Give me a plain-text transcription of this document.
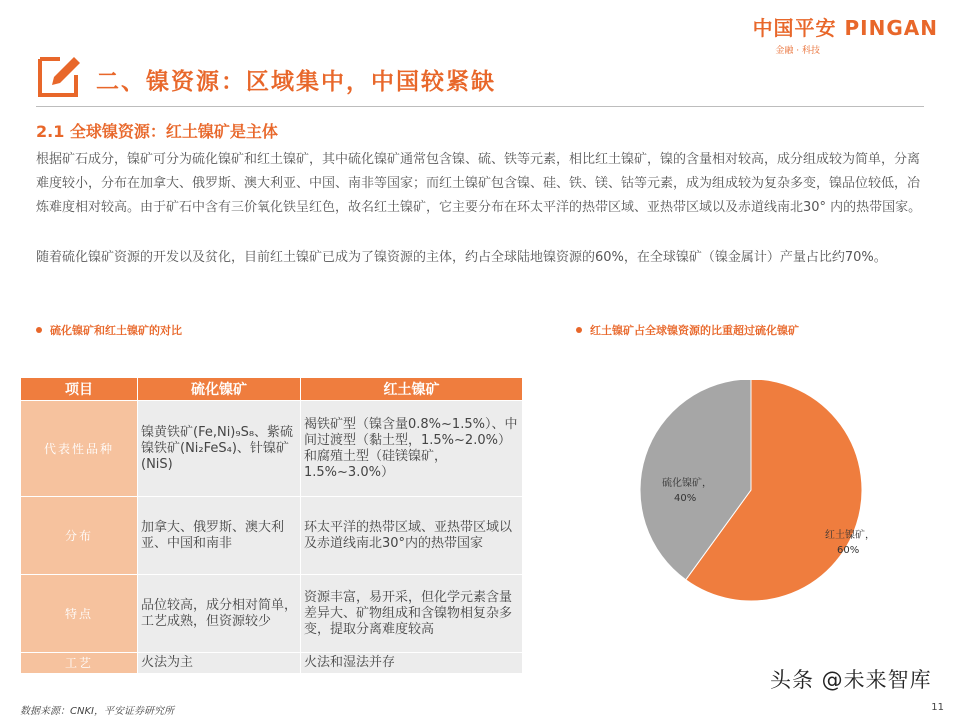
中国平安 PINGAN
金融 · 科技
二、镍资源：区域集中，中国较紧缺
2.1 全球镍资源：红土镍矿是主体
根据矿石成分，镍矿可分为硫化镍矿和红土镍矿，其中硫化镍矿通常包含镍、硫、铁等元素，相比红土镍矿，镍的含量相对较高，成分组成较为简单，分离难度较小，分布在加拿大、俄罗斯、澳大利亚、中国、南非等国家；而红土镍矿包含镍、硅、铁、镁、钴等元素，成为组成较为复杂多变，镍品位较低，冶炼难度相对较高。由于矿石中含有三价氧化铁呈红色，故名红土镍矿，它主要分布在环太平洋的热带区域、亚热带区域以及赤道线南北30° 内的热带国家。
随着硫化镍矿资源的开发以及贫化，目前红土镍矿已成为了镍资源的主体，约占全球陆地镍资源的60%，在全球镍矿（镍金属计）产量占比约70%。
硫化镍矿和红土镍矿的对比	红土镍矿占全球镍资源的比重超过硫化镍矿
项目	硫化镍矿	红土镍矿
代表性品种	镍黄铁矿(Fe,Ni)₉S₈、紫硫镍铁矿(Ni₂FeS₄)、针镍矿(NiS)	褐铁矿型（镍含量0.8%~1.5%）、中间过渡型（黏土型，1.5%~2.0%）和腐殖土型（硅镁镍矿，1.5%~3.0%）
分布	加拿大、俄罗斯、澳大利亚、中国和南非	环太平洋的热带区域、亚热带区域以及赤道线南北30°内的热带国家
特点	品位较高，成分相对简单，工艺成熟，但资源较少	资源丰富，易开采，但化学元素含量差异大、矿物组成和含镍物相复杂多变，提取分离难度较高
工艺	火法为主	火法和湿法并存
红土镍矿，
60%
硫化镍矿，
40%
数据来源：CNKI，平安证券研究所
头条 @未来智库
11
